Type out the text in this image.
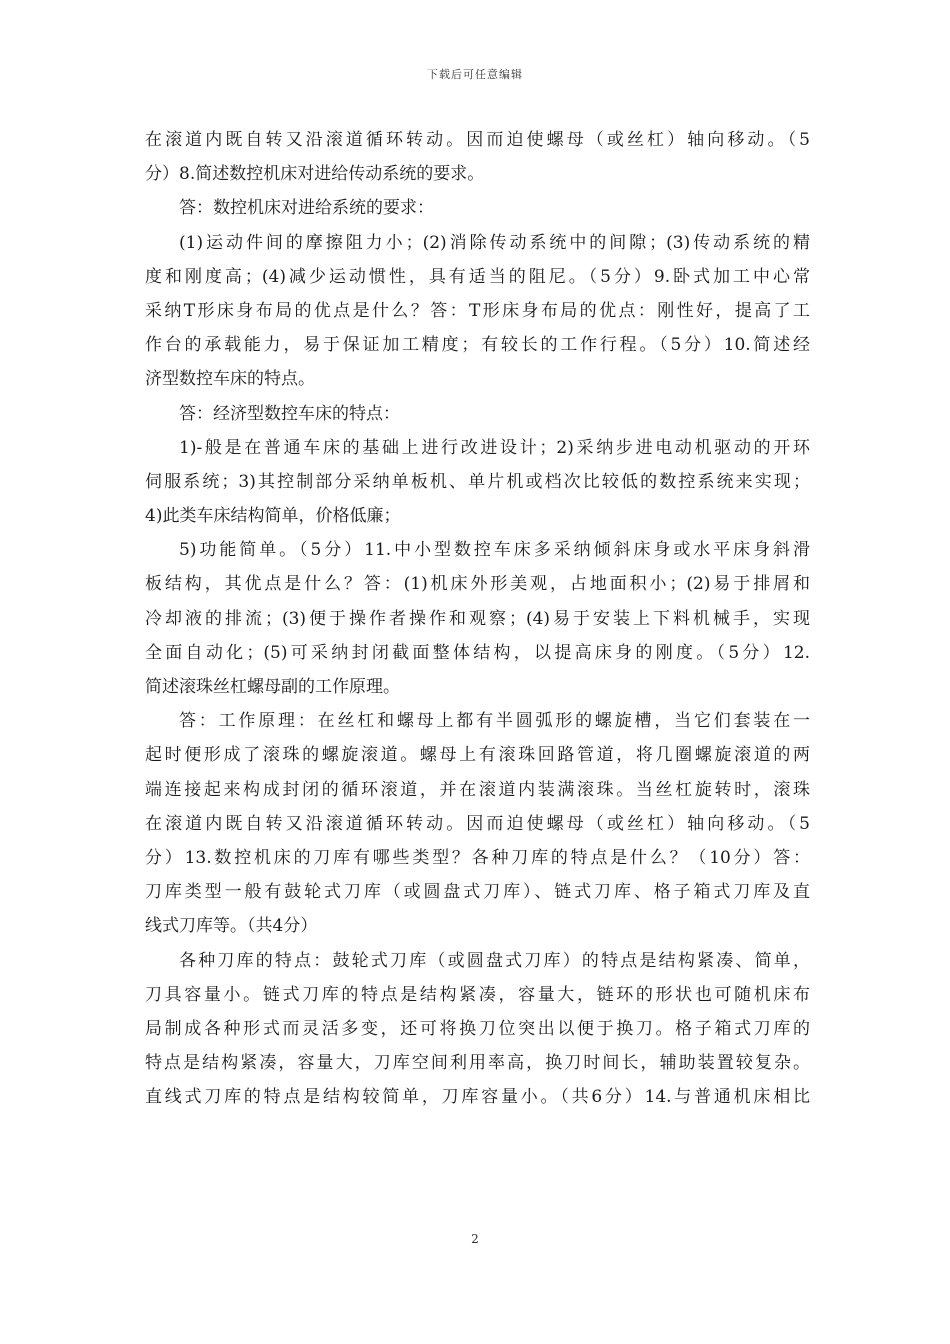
下载后可任意编辑
在滚道内既自转又沿滚道循环转动。因而迫使螺母（或丝杠）轴向移动。（5
分）8.简述数控机床对进给传动系统的要求。
答：数控机床对进给系统的要求：
(1)运动件间的摩擦阻力小；(2)消除传动系统中的间隙；(3)传动系统的精
度和刚度高；(4)减少运动惯性，具有适当的阻尼。（5分）9.卧式加工中心常
采纳T形床身布局的优点是什么？答：T形床身布局的优点：刚性好，提高了工
作台的承载能力，易于保证加工精度；有较长的工作行程。（5分）10.简述经
济型数控车床的特点。
答：经济型数控车床的特点：
1)-般是在普通车床的基础上进行改进设计；2)采纳步进电动机驱动的开环
伺服系统；3)其控制部分采纳单板机、单片机或档次比较低的数控系统来实现；
4)此类车床结构简单，价格低廉；
5)功能简单。（5分）11.中小型数控车床多采纳倾斜床身或水平床身斜滑
板结构，其优点是什么？答：(1)机床外形美观，占地面积小；(2)易于排屑和
冷却液的排流；(3)便于操作者操作和观察；(4)易于安装上下料机械手，实现
全面自动化；(5)可采纳封闭截面整体结构，以提高床身的刚度。（5分）12.
简述滚珠丝杠螺母副的工作原理。
答：工作原理：在丝杠和螺母上都有半圆弧形的螺旋槽，当它们套装在一
起时便形成了滚珠的螺旋滚道。螺母上有滚珠回路管道，将几圈螺旋滚道的两
端连接起来构成封闭的循环滚道，并在滚道内装满滚珠。当丝杠旋转时，滚珠
在滚道内既自转又沿滚道循环转动。因而迫使螺母（或丝杠）轴向移动。（5
分）13.数控机床的刀库有哪些类型？各种刀库的特点是什么？（10分）答：
刀库类型一般有鼓轮式刀库（或圆盘式刀库）、链式刀库、格子箱式刀库及直
线式刀库等。（共4分）
各种刀库的特点：鼓轮式刀库（或圆盘式刀库）的特点是结构紧凑、简单，
刀具容量小。链式刀库的特点是结构紧凑，容量大，链环的形状也可随机床布
局制成各种形式而灵活多变，还可将换刀位突出以便于换刀。格子箱式刀库的
特点是结构紧凑，容量大，刀库空间利用率高，换刀时间长，辅助装置较复杂。
直线式刀库的特点是结构较简单，刀库容量小。（共6分）14.与普通机床相比
2
